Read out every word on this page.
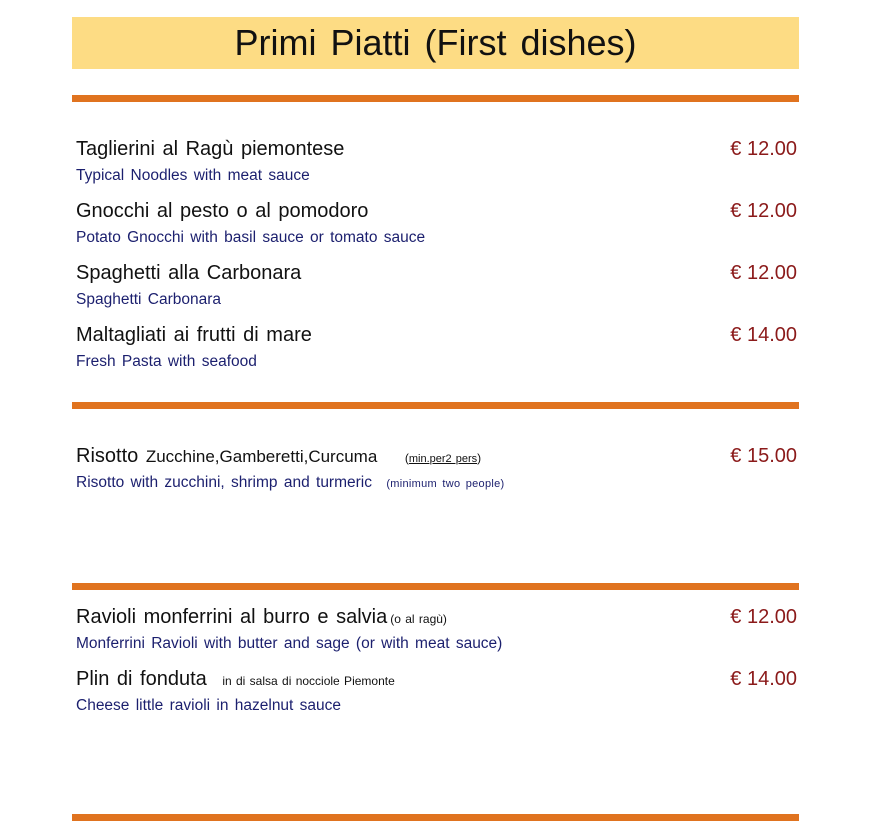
Primi Piatti (First dishes)
Taglierini al Ragù piemontese
Typical Noodles with meat sauce
€ 12.00
Gnocchi al pesto o al pomodoro
Potato Gnocchi with basil sauce or tomato sauce
€ 12.00
Spaghetti alla Carbonara
Spaghetti Carbonara
€ 12.00
Maltagliati ai frutti di mare
Fresh Pasta with seafood
€ 14.00
Risotto Zucchine,Gamberetti,Curcuma (min.per2 pers)
Risotto with zucchini, shrimp and turmeric (minimum two people)
€ 15.00
Ravioli monferrini al burro e salvia (o al ragù)
Monferrini Ravioli with butter and sage (or with meat sauce)
€ 12.00
Plin di fonduta in di salsa di nocciole Piemonte
Cheese little ravioli in hazelnut sauce
€ 14.00
